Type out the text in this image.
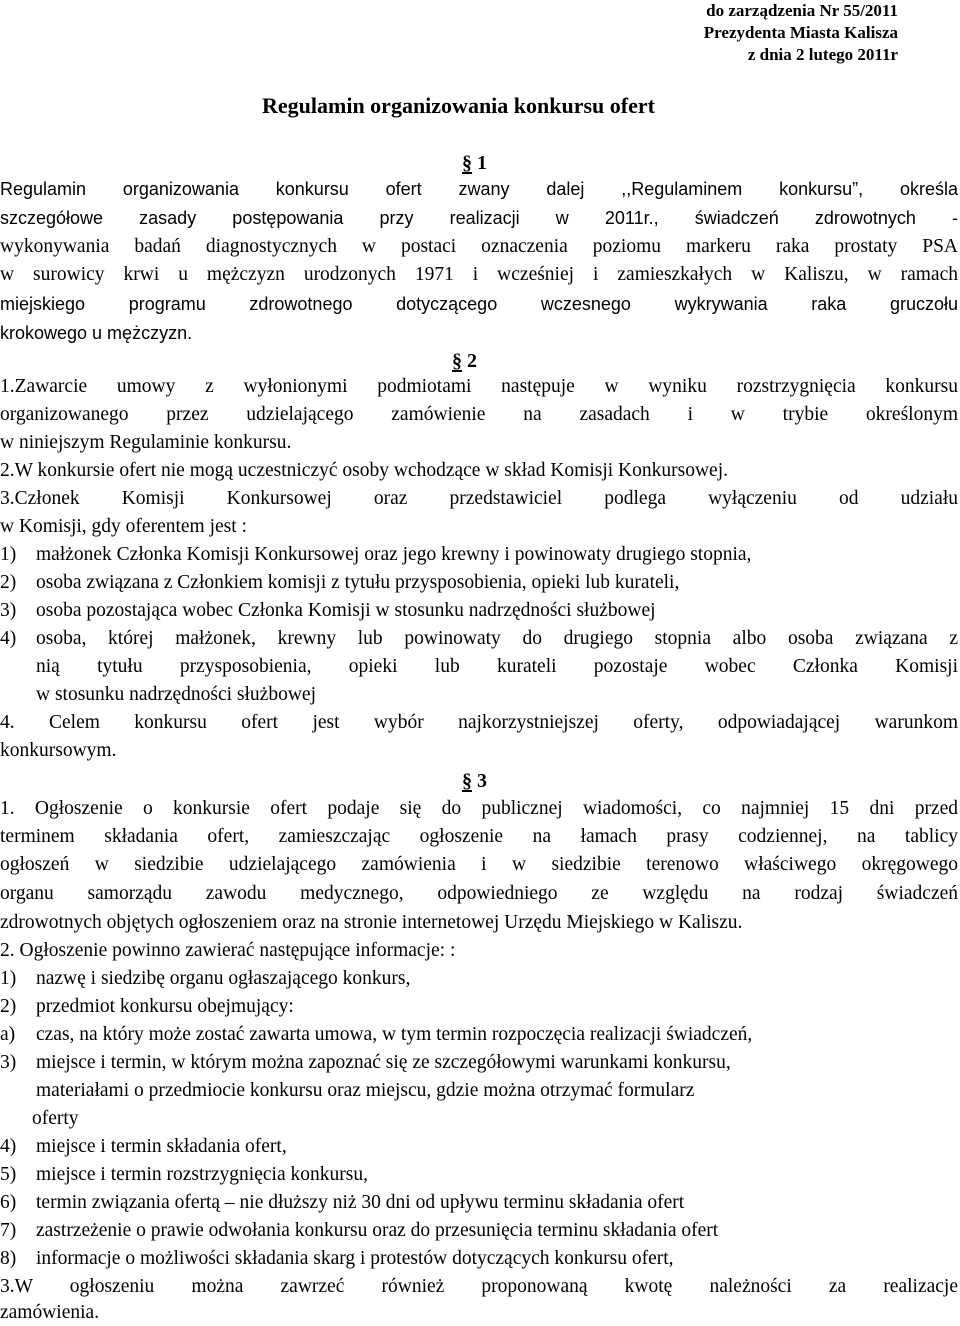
do zarządzenia Nr 55/2011
Prezydenta Miasta Kalisza
z dnia 2 lutego 2011r
Regulamin organizowania konkursu ofert
§ 1
Regulamin organizowania konkursu ofert zwany dalej ,,Regulaminem konkursu”, określa
szczegółowe zasady postępowania przy realizacji w 2011r., świadczeń zdrowotnych -
wykonywania badań diagnostycznych w postaci oznaczenia poziomu markeru raka prostaty PSA
w surowicy krwi u mężczyzn urodzonych 1971 i wcześniej i zamieszkałych w Kaliszu, w ramach
miejskiego programu zdrowotnego dotyczącego wczesnego wykrywania raka gruczołu
krokowego u mężczyzn.
§ 2
1.Zawarcie umowy z wyłonionymi podmiotami następuje w wyniku rozstrzygnięcia konkursu
organizowanego przez udzielającego zamówienie na zasadach i w trybie określonym
w niniejszym Regulaminie konkursu.
2.W konkursie ofert nie mogą uczestniczyć osoby wchodzące w skład Komisji Konkursowej.
3.Członek Komisji Konkursowej oraz przedstawiciel podlega wyłączeniu od udziału
w Komisji, gdy oferentem jest :
1) małżonek Członka Komisji Konkursowej oraz jego krewny i powinowaty drugiego stopnia,
2) osoba związana z Członkiem komisji z tytułu przysposobienia, opieki lub kurateli,
3) osoba pozostająca wobec Członka Komisji w stosunku nadrzędności służbowej
4) osoba, której małżonek, krewny lub powinowaty do drugiego stopnia albo osoba związana z
nią tytułu przysposobienia, opieki lub kurateli pozostaje wobec Członka Komisji
w stosunku nadrzędności służbowej
4. Celem konkursu ofert jest wybór najkorzystniejszej oferty, odpowiadającej warunkom
konkursowym.
§ 3
1. Ogłoszenie o konkursie ofert podaje się do publicznej wiadomości, co najmniej 15 dni przed
terminem składania ofert, zamieszczając ogłoszenie na łamach prasy codziennej, na tablicy
ogłoszeń w siedzibie udzielającego zamówienia i w siedzibie terenowo właściwego okręgowego
organu samorządu zawodu medycznego, odpowiedniego ze względu na rodzaj świadczeń
zdrowotnych objętych ogłoszeniem oraz na stronie internetowej Urzędu Miejskiego w Kaliszu.
2. Ogłoszenie powinno zawierać następujące informacje: :
1) nazwę i siedzibę organu ogłaszającego konkurs,
2) przedmiot konkursu obejmujący:
a) czas, na który może zostać zawarta umowa, w tym termin rozpoczęcia realizacji świadczeń,
3) miejsce i termin, w którym można zapoznać się ze szczegółowymi warunkami konkursu,
materiałami o przedmiocie konkursu oraz miejscu, gdzie można otrzymać formularz
oferty
4) miejsce i termin składania ofert,
5) miejsce i termin rozstrzygnięcia konkursu,
6) termin związania ofertą – nie dłuższy niż 30 dni od upływu terminu składania ofert
7) zastrzeżenie o prawie odwołania konkursu oraz do przesunięcia terminu składania ofert
8) informacje o możliwości składania skarg i protestów dotyczących konkursu ofert,
3.W ogłoszeniu można zawrzeć również proponowaną kwotę należności za realizacje
zamówienia.
